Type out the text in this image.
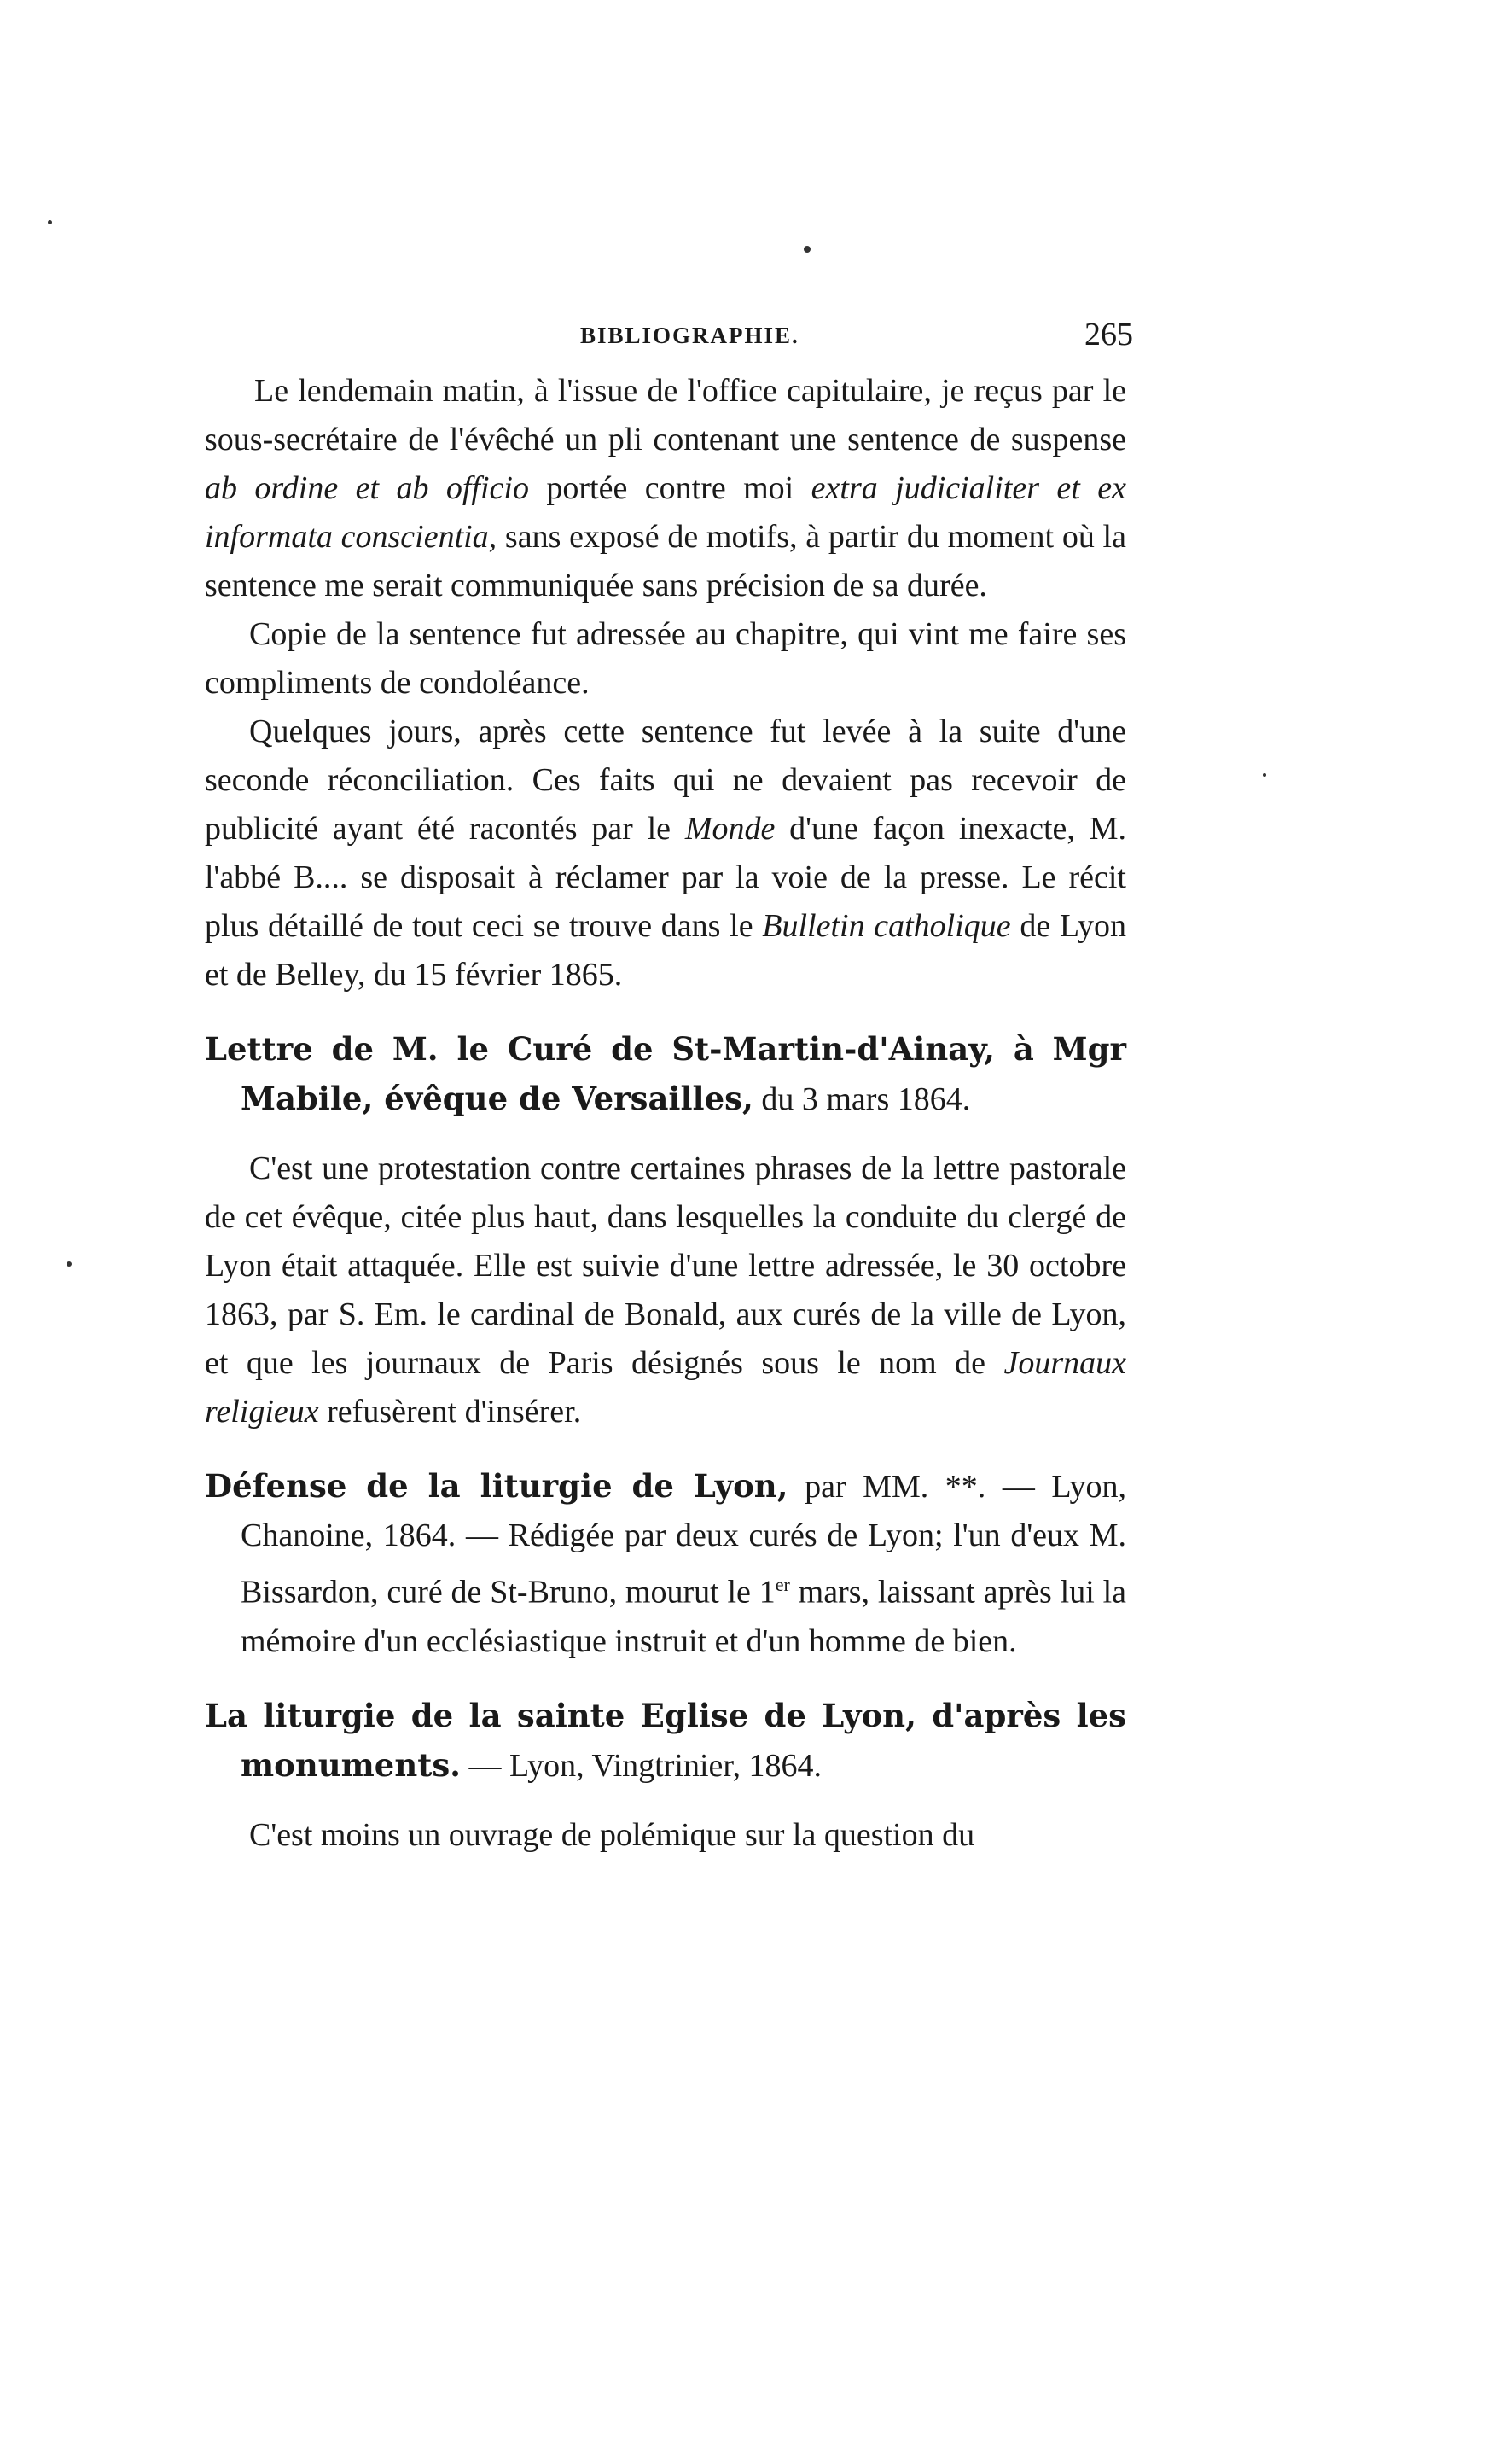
BIBLIOGRAPHIE.	265

Le lendemain matin, à l'issue de l'office capitulaire, je reçus par le sous-secrétaire de l'évêché un pli contenant une sentence de suspense ab ordine et ab officio portée contre moi extra judicialiter et ex informata conscientia, sans exposé de motifs, à partir du moment où la sentence me serait communiquée sans précision de sa durée.

Copie de la sentence fut adressée au chapitre, qui vint me faire ses compliments de condoléance.

Quelques jours, après cette sentence fut levée à la suite d'une seconde réconciliation. Ces faits qui ne devaient pas recevoir de publicité ayant été racontés par le Monde d'une façon inexacte, M. l'abbé B.... se disposait à réclamer par la voie de la presse. Le récit plus détaillé de tout ceci se trouve dans le Bulletin catholique de Lyon et de Belley, du 15 février 1865.

Lettre de M. le Curé de St-Martin-d'Ainay, à Mgr Mabile, évêque de Versailles, du 3 mars 1864.

C'est une protestation contre certaines phrases de la lettre pastorale de cet évêque, citée plus haut, dans lesquelles la conduite du clergé de Lyon était attaquée. Elle est suivie d'une lettre adressée, le 30 octobre 1863, par S. Em. le cardinal de Bonald, aux curés de la ville de Lyon, et que les journaux de Paris désignés sous le nom de Journaux religieux refusèrent d'insérer.

Défense de la liturgie de Lyon, par MM. **. — Lyon, Chanoine, 1864. — Rédigée par deux curés de Lyon; l'un d'eux M. Bissardon, curé de St-Bruno, mourut le 1er mars, laissant après lui la mémoire d'un ecclésiastique instruit et d'un homme de bien.
La liturgie de la sainte Eglise de Lyon, d'après les monuments. — Lyon, Vingtrinier, 1864.

C'est moins un ouvrage de polémique sur la question du
